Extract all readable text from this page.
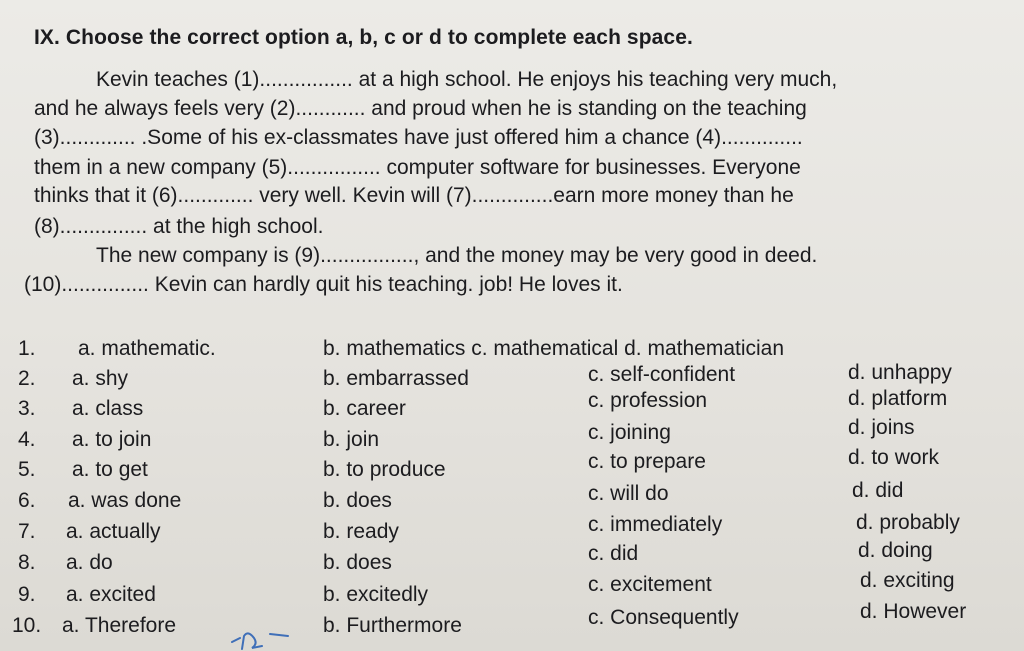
IX. Choose the correct option a, b, c or d to complete each space.
Kevin teaches (1)................ at a high school. He enjoys his teaching very much,
and he always feels very (2)............ and proud when he is standing on the teaching
(3)............. .Some of his ex-classmates have just offered him a chance (4)..............
them in a new company (5)................ computer software for businesses. Everyone
thinks that it (6)............. very well. Kevin will (7)..............earn more money than he
(8)............... at the high school.
The new company is (9)................, and the money may be very good in deed.
(10)............... Kevin can hardly quit his teaching. job! He loves it.
1. a. mathematic.	b. mathematics c. mathematical d. mathematician
2. a. shy	b. embarrassed	c. self-confident	d. unhappy
3. a. class	b. career	c. profession	d. platform
4. a. to join	b. join	c. joining	d. joins
5. a. to get	b. to produce	c. to prepare	d. to work
6. a. was done	b. does	c. will do	d. did
7. a. actually	b. ready	c. immediately	d. probably
8. a. do	b. does	c. did	d. doing
9. a. excited	b. excitedly	c. excitement	d. exciting
10. a. Therefore	b. Furthermore	c. Consequently	d. However
